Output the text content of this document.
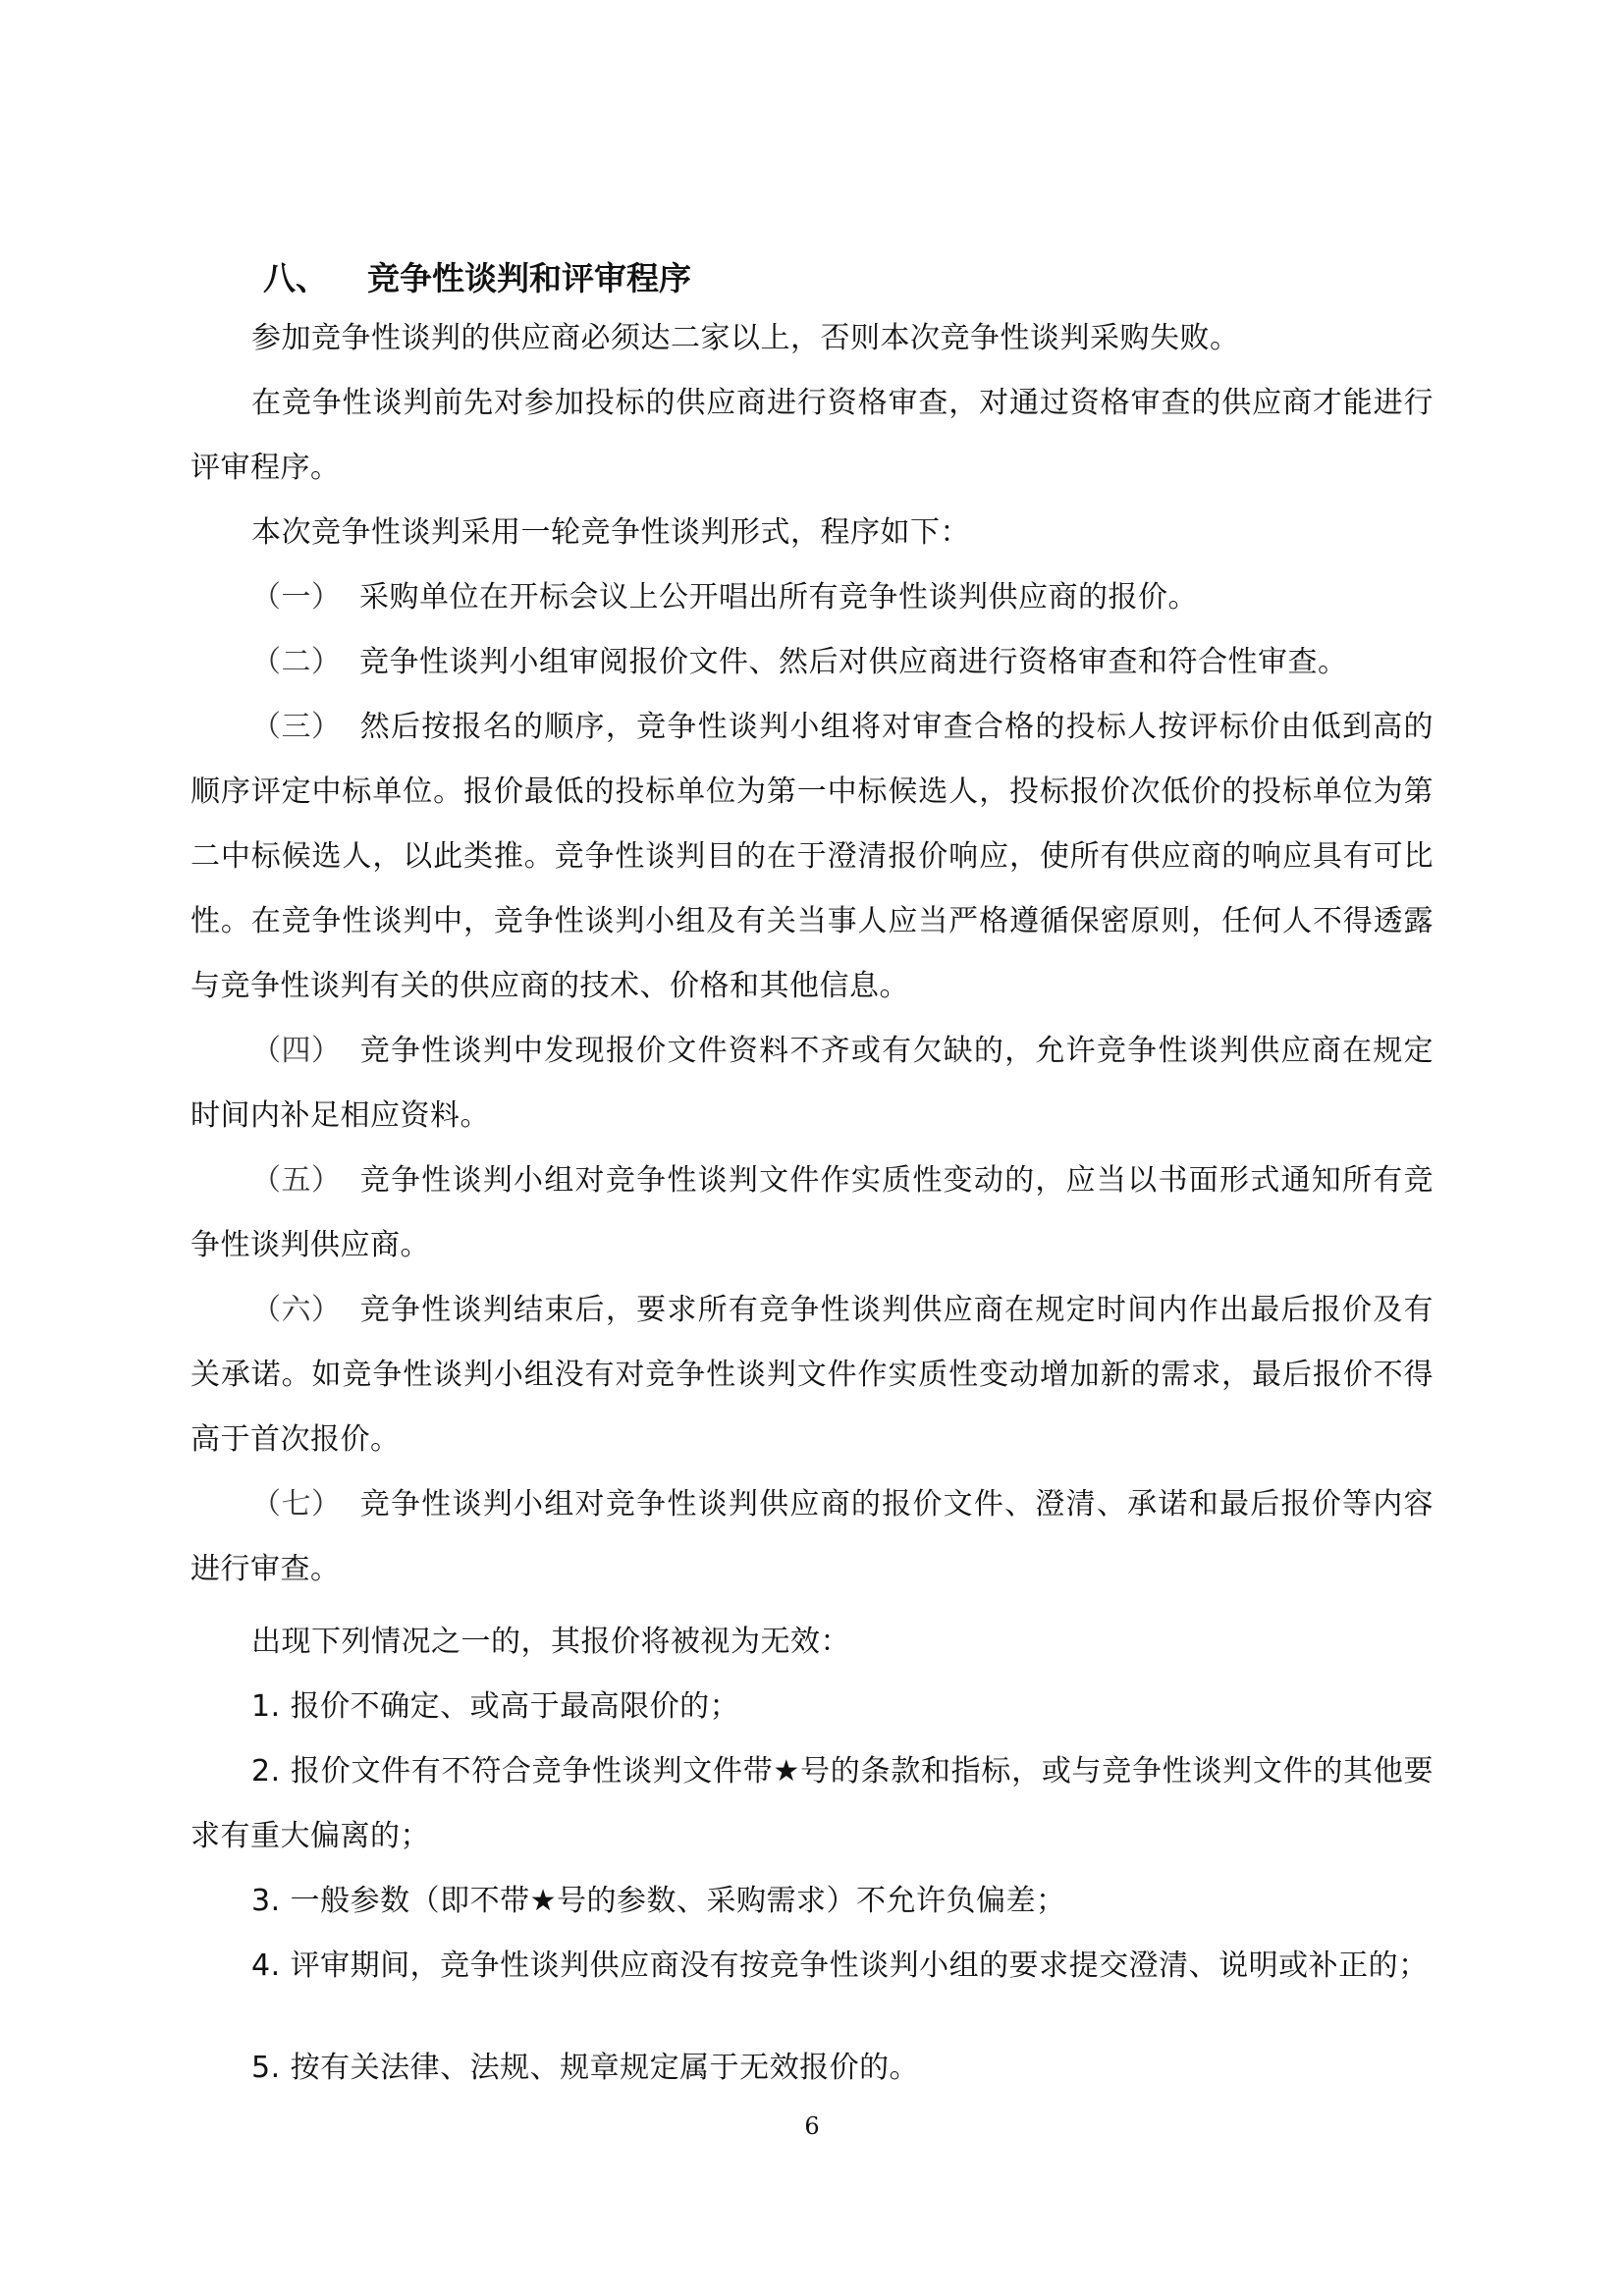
八、 竞争性谈判和评审程序
参加竞争性谈判的供应商必须达二家以上，否则本次竞争性谈判采购失败。
在竞争性谈判前先对参加投标的供应商进行资格审查，对通过资格审查的供应商才能进行评审程序。
本次竞争性谈判采用一轮竞争性谈判形式，程序如下：
（一） 采购单位在开标会议上公开唱出所有竞争性谈判供应商的报价。
（二） 竞争性谈判小组审阅报价文件、然后对供应商进行资格审查和符合性审查。
（三） 然后按报名的顺序，竞争性谈判小组将对审查合格的投标人按评标价由低到高的顺序评定中标单位。报价最低的投标单位为第一中标候选人，投标报价次低价的投标单位为第二中标候选人，以此类推。竞争性谈判目的在于澄清报价响应，使所有供应商的响应具有可比性。在竞争性谈判中，竞争性谈判小组及有关当事人应当严格遵循保密原则，任何人不得透露与竞争性谈判有关的供应商的技术、价格和其他信息。
（四） 竞争性谈判中发现报价文件资料不齐或有欠缺的，允许竞争性谈判供应商在规定时间内补足相应资料。
（五） 竞争性谈判小组对竞争性谈判文件作实质性变动的，应当以书面形式通知所有竞争性谈判供应商。
（六） 竞争性谈判结束后，要求所有竞争性谈判供应商在规定时间内作出最后报价及有关承诺。如竞争性谈判小组没有对竞争性谈判文件作实质性变动增加新的需求，最后报价不得高于首次报价。
（七） 竞争性谈判小组对竞争性谈判供应商的报价文件、澄清、承诺和最后报价等内容进行审查。
出现下列情况之一的，其报价将被视为无效：
1. 报价不确定、或高于最高限价的；
2. 报价文件有不符合竞争性谈判文件带★号的条款和指标，或与竞争性谈判文件的其他要求有重大偏离的；
3. 一般参数（即不带★号的参数、采购需求）不允许负偏差；
4. 评审期间，竞争性谈判供应商没有按竞争性谈判小组的要求提交澄清、说明或补正的；
5. 按有关法律、法规、规章规定属于无效报价的。
6
